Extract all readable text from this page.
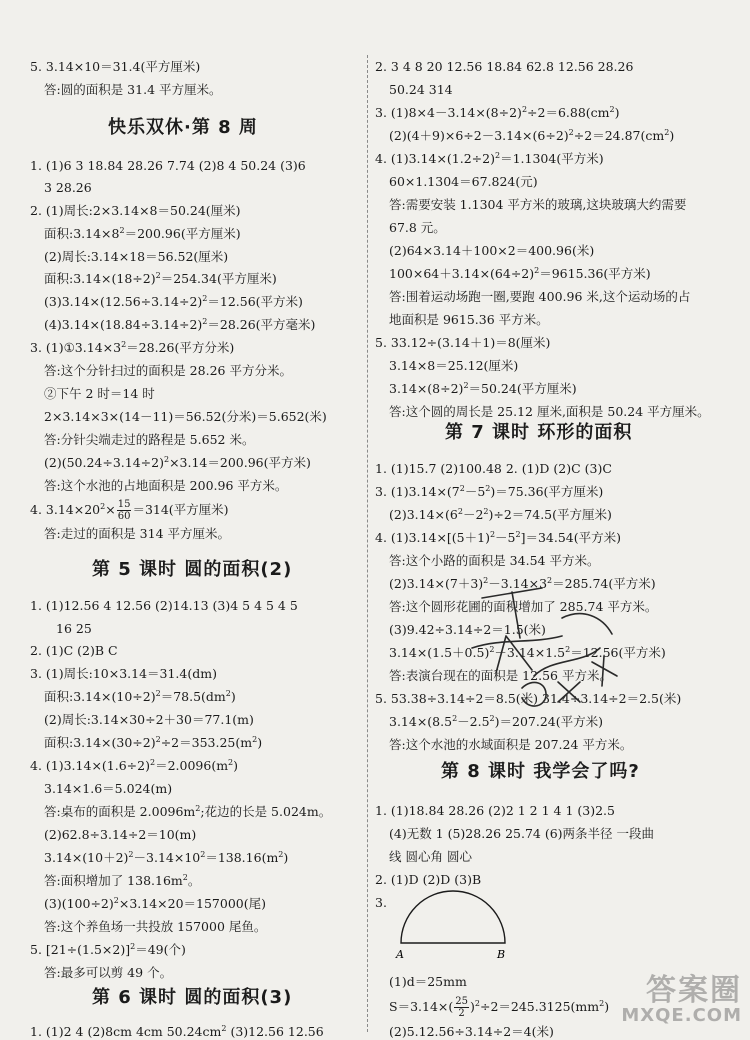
5. 3.14×10＝31.4(平方厘米)
答:圆的面积是 31.4 平方厘米。
快乐双休·第 8 周
1. (1)6 3 18.84 28.26 7.74 (2)8 4 50.24 (3)6
3 28.26
2. (1)周长:2×3.14×8＝50.24(厘米)
面积$:3.14\times 8^2=200.96$(平方厘米)
(2)周长:3.14×18＝56.52(厘米)
面积$:3.14\times(18\div 2)^2=254.34$(平方厘米)
$(3)3.14\times(12.56\div 3.14\div 2)^2=12.56$(平方米)
$(4)3.14\times(18.84\div 3.14\div 2)^2=28.26$(平方毫米)
3. $(1)①3.14\times 3^2=28.26$(平方分米)
答:这个分针扫过的面积是 28.26 平方分米。
②下午 2 时＝14 时
2×3.14×3×(14－11)＝56.52(分米)＝5.652(米)
答:分针尖端走过的路程是 5.652 米。
$(2)(50.24\div 3.14\div 2)^2\times 3.14=200.96$(平方米)
答:这个水池的占地面积是 200.96 平方米。
4. $3.14\times 20^2\times \frac{15}{60} =314$(平方厘米)
答:走过的面积是 314 平方厘米。
第 5 课时 圆的面积(2)
1. (1)12.56 4 12.56 (2)14.13 (3)4 5 4 5 4 5
16 25
2. (1)C (2)B C
3. (1)周长:10×3.14＝31.4(dm)
面积$:3.14\times(10\div 2)^2=78.5(dm^2)$
(2)周长:3.14×30÷2＋30＝77.1(m)
面积$:3.14\times(30\div 2)^2\div 2=353.25(m^2)$
4. $(1)3.14\times(1.6\div 2)^2=2.0096(m^2)$
3.14×1.6＝5.024(m)
答:桌布的面积是 $2.0096m^2$;花边的长是 5.024m。
(2)62.8÷3.14÷2＝10(m)
$3.14\times(10+2)^2-3.14\times 10^2=138.16(m^2)$
答:面积增加了 $138.16m^2$。
$(3)(100\div 2)^2\times 3.14\times 20=157000$(尾)
答:这个养鱼场一共投放 157000 尾鱼。
5. $[21\div(1.5\times 2)]^2=49$(个)
答:最多可以剪 49 个。
第 6 课时 圆的面积(3)
1. (1)2 4 (2)8cm 4cm $50.24cm^2$ (3)12.56 12.56
2. 3 4 8 20 12.56 18.84 62.8 12.56 28.26
50.24 314
3. $(1)8\times 4-3.14\times(8\div 2)^2\div 2=6.88(cm^2)$
$(2)(4+9)\times 6\div 2-3.14\times(6\div 2)^2\div 2=24.87(cm^2)$
4. $(1)3.14\times(1.2\div 2)^2=1.1304$(平方米)
60×1.1304＝67.824(元)
答:需要安装 1.1304 平方米的玻璃,这块玻璃大约需要
67.8 元。
(2)64×3.14＋100×2＝400.96(米)
$100\times 64+3.14\times(64\div 2)^2=9615.36$(平方米)
答:围着运动场跑一圈,要跑 400.96 米,这个运动场的占
地面积是 9615.36 平方米。
5. 33.12÷(3.14＋1)＝8(厘米)
3.14×8＝25.12(厘米)
$3.14\times(8\div 2)^2=50.24$(平方厘米)
答:这个圆的周长是 25.12 厘米,面积是 50.24 平方厘米。
第 7 课时 环形的面积
1. (1)15.7 (2)100.48 2. (1)D (2)C (3)C
3. $(1)3.14\times(7^2-5^2)=75.36$(平方厘米)
$(2)3.14\times(6^2-2^2)\div 2=74.5$(平方厘米)
4. $(1)3.14\times[(5+1)^2-5^2]=34.54$(平方米)
答:这个小路的面积是 34.54 平方米。
$(2)3.14\times(7+3)^2-3.14\times 3^2=285.74$(平方米)
答:这个圆形花圃的面积增加了 285.74 平方米。
(3)9.42÷3.14÷2＝1.5(米)
$3.14\times(1.5+0.5)^2-3.14\times 1.5^2=12.56$(平方米)
答:表演台现在的面积是 12.56 平方米。
5. 53.38÷3.14÷2＝8.5(米) 31.4÷3.14÷2＝2.5(米)
$3.14\times(8.5^2-2.5^2)=207.24$(平方米)
答:这个水池的水域面积是 207.24 平方米。
第 8 课时 我学会了吗?
1. (1)18.84 28.26 (2)2 1 2 1 4 1 (3)2.5
(4)无数 1 (5)28.26 25.74 (6)两条半径 一段曲
线 圆心角 圆心
2. (1)D (2)D (3)B
3.
(1)d＝25mm
$S=3.14\times( \frac{25}{2} )^2\div 2=245.3125(mm^2)$
(2)5.12.56÷3.14÷2＝4(米)
A	B
答案圈
MXQE.COM
